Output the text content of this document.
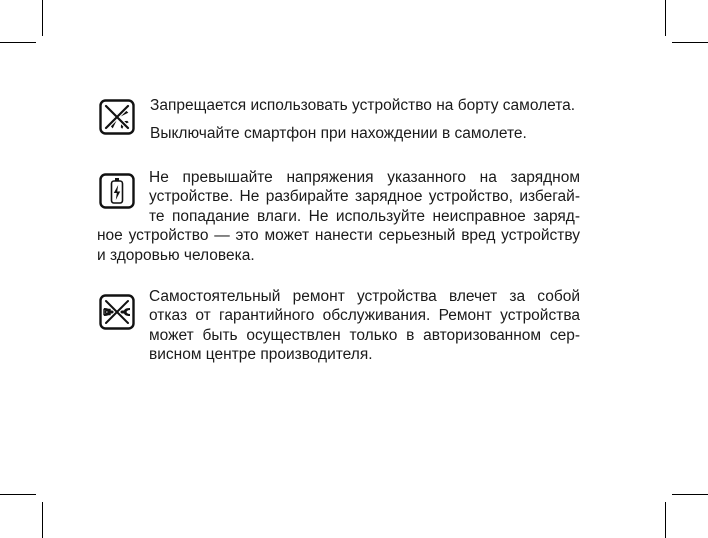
Запрещается использовать устройство на борту самолета.
Выключайте смартфон при нахождении в самолете.
Не превышайте напряжения указанного на зарядном
устройстве. Не разбирайте зарядное устройство, избегай-
те попадание влаги. Не используйте неисправное заряд-
ное устройство — это может нанести серьезный вред устройству
и здоровью человека.
Самостоятельный ремонт устройства влечет за собой
отказ от гарантийного обслуживания. Ремонт устройства
может быть осуществлен только в авторизованном сер-
висном центре производителя.
